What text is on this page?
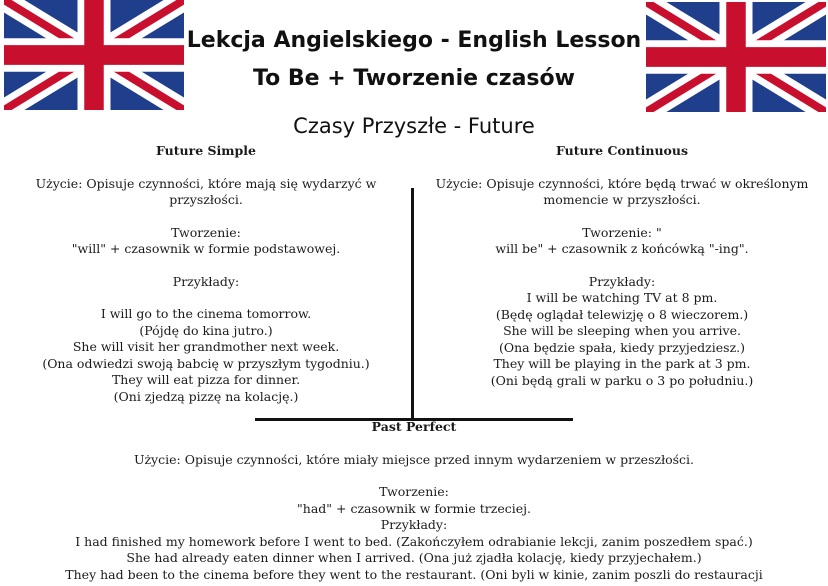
Lekcja Angielskiego - English Lesson
To Be + Tworzenie czasów
Czasy Przyszłe - Future
Future Simple
Użycie: Opisuje czynności, które mają się wydarzyć w
przyszłości.
Tworzenie:
"will" + czasownik w formie podstawowej.
Przykłady:
I will go to the cinema tomorrow.
(Pójdę do kina jutro.)
She will visit her grandmother next week.
(Ona odwiedzi swoją babcię w przyszłym tygodniu.)
They will eat pizza for dinner.
(Oni zjedzą pizzę na kolację.)
Future Continuous
Użycie: Opisuje czynności, które będą trwać w określonym
momencie w przyszłości.
Tworzenie: "
will be" + czasownik z końcówką "-ing".
Przykłady:
I will be watching TV at 8 pm.
(Będę oglądał telewizję o 8 wieczorem.)
She will be sleeping when you arrive.
(Ona będzie spała, kiedy przyjedziesz.)
They will be playing in the park at 3 pm.
(Oni będą grali w parku o 3 po południu.)
Past Perfect
Użycie: Opisuje czynności, które miały miejsce przed innym wydarzeniem w przeszłości.
Tworzenie:
"had" + czasownik w formie trzeciej.
Przykłady:
I had finished my homework before I went to bed. (Zakończyłem odrabianie lekcji, zanim poszedłem spać.)
She had already eaten dinner when I arrived. (Ona już zjadła kolację, kiedy przyjechałem.)
They had been to the cinema before they went to the restaurant. (Oni byli w kinie, zanim poszli do restauracji
